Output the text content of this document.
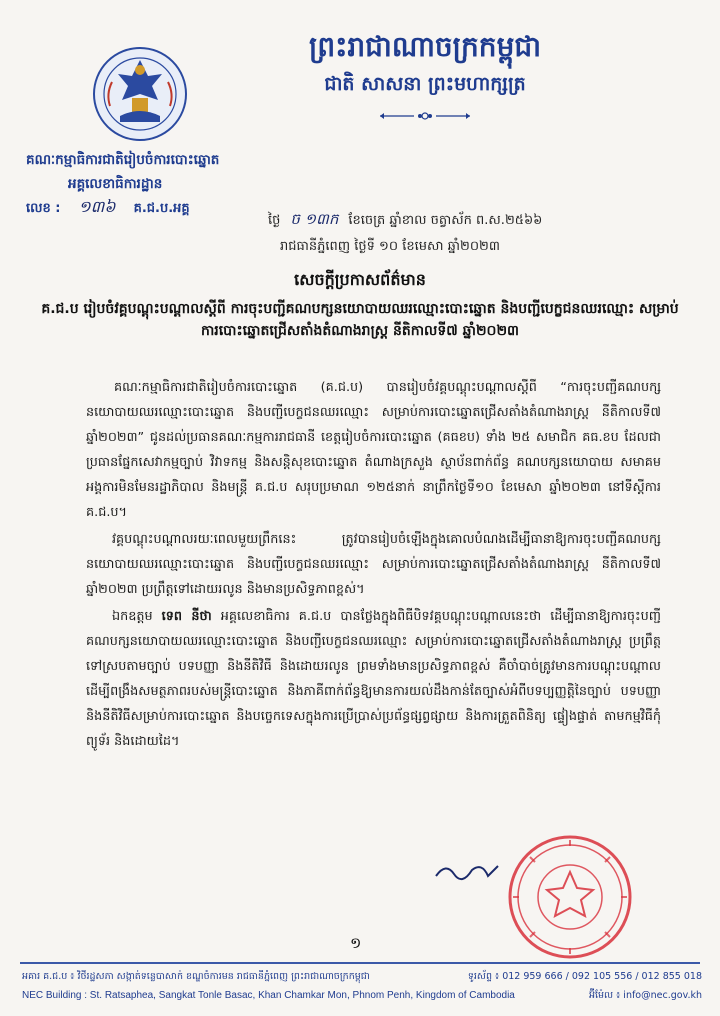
ព្រះរាជាណាចក្រកម្ពុជា
ជាតិ សាសនា ព្រះមហាក្សត្រ
គណៈកម្មាធិការជាតិរៀបចំការបោះឆ្នោត
អគ្គលេខាធិការដ្ឋាន
លេខ : ១៣៦ គ.ជ.ប.អគ្គ
ថ្ងៃ ច ១៣ក ខែចេត្រ ឆ្នាំខាល ចត្វាស័ក ព.ស.២៥៦៦
រាជធានីភ្នំពេញ ថ្ងៃទី ១០ ខែមេសា ឆ្នាំ២០២៣
សេចក្តីប្រកាសព័ត៌មាន
គ.ជ.ប រៀបចំវគ្គបណ្តុះបណ្តាលស្តីពី ការចុះបញ្ជីគណបក្សនយោបាយឈរឈ្មោះបោះឆ្នោត និងបញ្ជីបេក្ខជនឈរឈ្មោះ សម្រាប់ការបោះឆ្នោតជ្រើសតាំងតំណាងរាស្ត្រ នីតិកាលទី៧ ឆ្នាំ២០២៣

គណៈកម្មាធិការជាតិរៀបចំការបោះឆ្នោត (គ.ជ.ប) បានរៀបចំវគ្គបណ្តុះបណ្តាលស្តីពី “ការចុះបញ្ជីគណបក្សនយោបាយឈរឈ្មោះបោះឆ្នោត និងបញ្ជីបេក្ខជនឈរឈ្មោះ សម្រាប់ការបោះឆ្នោតជ្រើសតាំងតំណាងរាស្ត្រ នីតិកាលទី៧ ឆ្នាំ២០២៣” ជូនដល់ប្រធានគណៈកម្មការរាជធានី ខេត្តរៀបចំការបោះឆ្នោត (គធខប) ទាំង ២៥ សមាជិក គធ.ខប ដែលជាប្រធានផ្នែកសេវាកម្មច្បាប់ វិវាទកម្ម និងសន្តិសុខបោះឆ្នោត តំណាងក្រសួង ស្ថាប័នពាក់ព័ន្ធ គណបក្សនយោបាយ សមាគម អង្គការមិនមែនរដ្ឋាភិបាល និងមន្ត្រី គ.ជ.ប សរុបប្រមាណ ១២៥នាក់ នាព្រឹកថ្ងៃទី១០ ខែមេសា ឆ្នាំ២០២៣ នៅទីស្តីការ គ.ជ.ប។

វគ្គបណ្តុះបណ្តាលរយៈពេលមួយព្រឹកនេះ ត្រូវបានរៀបចំឡើងក្នុងគោលបំណងដើម្បីធានាឱ្យការចុះបញ្ជីគណបក្សនយោបាយឈរឈ្មោះបោះឆ្នោត និងបញ្ជីបេក្ខជនឈរឈ្មោះ សម្រាប់ការបោះឆ្នោតជ្រើសតាំងតំណាងរាស្ត្រ នីតិកាលទី៧ ឆ្នាំ២០២៣ ប្រព្រឹត្តទៅដោយរលូន និងមានប្រសិទ្ធភាពខ្ពស់។

ឯកឧត្តម ទេព នីថា អគ្គលេខាធិការ គ.ជ.ប បានថ្លែងក្នុងពិធីបិទវគ្គបណ្តុះបណ្តាលនេះថា ដើម្បីធានាឱ្យការចុះបញ្ជីគណបក្សនយោបាយឈរឈ្មោះបោះឆ្នោត និងបញ្ជីបេក្ខជនឈរឈ្មោះ សម្រាប់ការបោះឆ្នោតជ្រើសតាំងតំណាងរាស្ត្រ ប្រព្រឹត្តទៅស្របតាមច្បាប់ បទបញ្ញា និងនីតិវិធី និងដោយរលូន ព្រមទាំងមានប្រសិទ្ធភាពខ្ពស់ គឺចាំបាច់ត្រូវមានការបណ្តុះបណ្តាល ដើម្បីពង្រឹងសមត្ថភាពរបស់មន្ត្រីបោះឆ្នោត និងភាគីពាក់ព័ន្ធឱ្យមានការយល់ដឹងកាន់តែច្បាស់អំពីបទប្បញ្ញត្តិនៃច្បាប់ បទបញ្ញា និងនីតិវិធីសម្រាប់ការបោះឆ្នោត និងបច្ចេកទេសក្នុងការប្រើប្រាស់ប្រព័ន្ធផ្សព្វផ្សាយ និងការត្រួតពិនិត្យ ផ្ទៀងផ្ទាត់ តាមកម្មវិធីកុំព្យូទ័រ និងដោយដៃ។

១
អគារ គ.ជ.ប ៖ វិថីរដ្ឋសភា សង្កាត់ទន្លេបាសាក់ ខណ្ឌចំការមន រាជធានីភ្នំពេញ ព្រះរាជាណាចក្រកម្ពុជា	ទូរស័ព្ទ ៖ 012 959 666 / 092 105 556 / 012 855 018
NEC Building : St. Ratsaphea, Sangkat Tonle Basac, Khan Chamkar Mon, Phnom Penh, Kingdom of Cambodia	អ៊ីម៉ែល ៖ info@nec.gov.kh
